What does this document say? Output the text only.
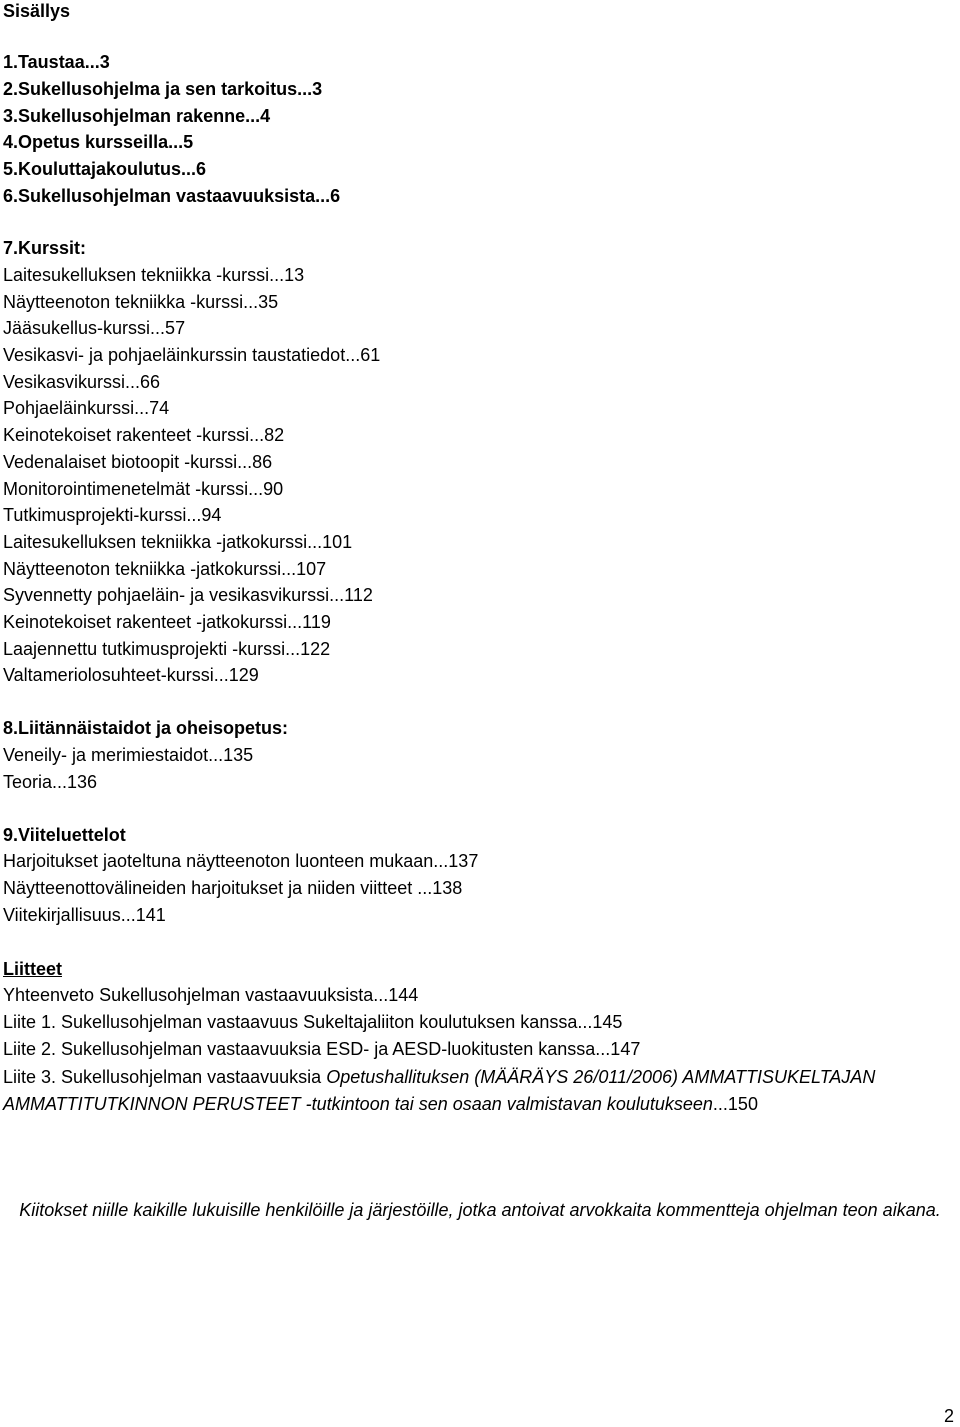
Sisällys
1.Taustaa...3
2.Sukellusohjelma ja sen tarkoitus...3
3.Sukellusohjelman rakenne...4
4.Opetus kursseilla...5
5.Kouluttajakoulutus...6
6.Sukellusohjelman vastaavuuksista...6
7.Kurssit:
Laitesukelluksen tekniikka -kurssi...13
Näytteenoton tekniikka -kurssi...35
Jääsukellus-kurssi...57
Vesikasvi- ja pohjaeläinkurssin taustatiedot...61
Vesikasvikurssi...66
Pohjaeläinkurssi...74
Keinotekoiset rakenteet -kurssi...82
Vedenalaiset biotoopit -kurssi...86
Monitorointimenetelmät -kurssi...90
Tutkimusprojekti-kurssi...94
Laitesukelluksen tekniikka -jatkokurssi...101
Näytteenoton tekniikka -jatkokurssi...107
Syvennetty pohjaeläin- ja vesikasvikurssi...112
Keinotekoiset rakenteet -jatkokurssi...119
Laajennettu tutkimusprojekti -kurssi...122
Valtameriolosuhteet-kurssi...129
8.Liitännäistaidot ja oheisopetus:
Veneily- ja merimiestaidot...135
Teoria...136
9.Viiteluettelot
Harjoitukset jaoteltuna näytteenoton luonteen mukaan...137
Näytteenottovälineiden harjoitukset ja niiden viitteet ...138
Viitekirjallisuus...141
Liitteet
Yhteenveto Sukellusohjelman vastaavuuksista...144
Liite 1. Sukellusohjelman vastaavuus Sukeltajaliiton koulutuksen kanssa...145
Liite 2. Sukellusohjelman vastaavuuksia ESD- ja AESD-luokitusten kanssa...147
Liite 3. Sukellusohjelman vastaavuuksia Opetushallituksen (MÄÄRÄYS 26/011/2006) AMMATTISUKELTAJAN AMMATTITUTKINNON PERUSTEET -tutkintoon tai sen osaan valmistavan koulutukseen...150
Kiitokset niille kaikille lukuisille henkilöille ja järjestöille, jotka antoivat arvokkaita kommentteja ohjelman teon aikana.
2
